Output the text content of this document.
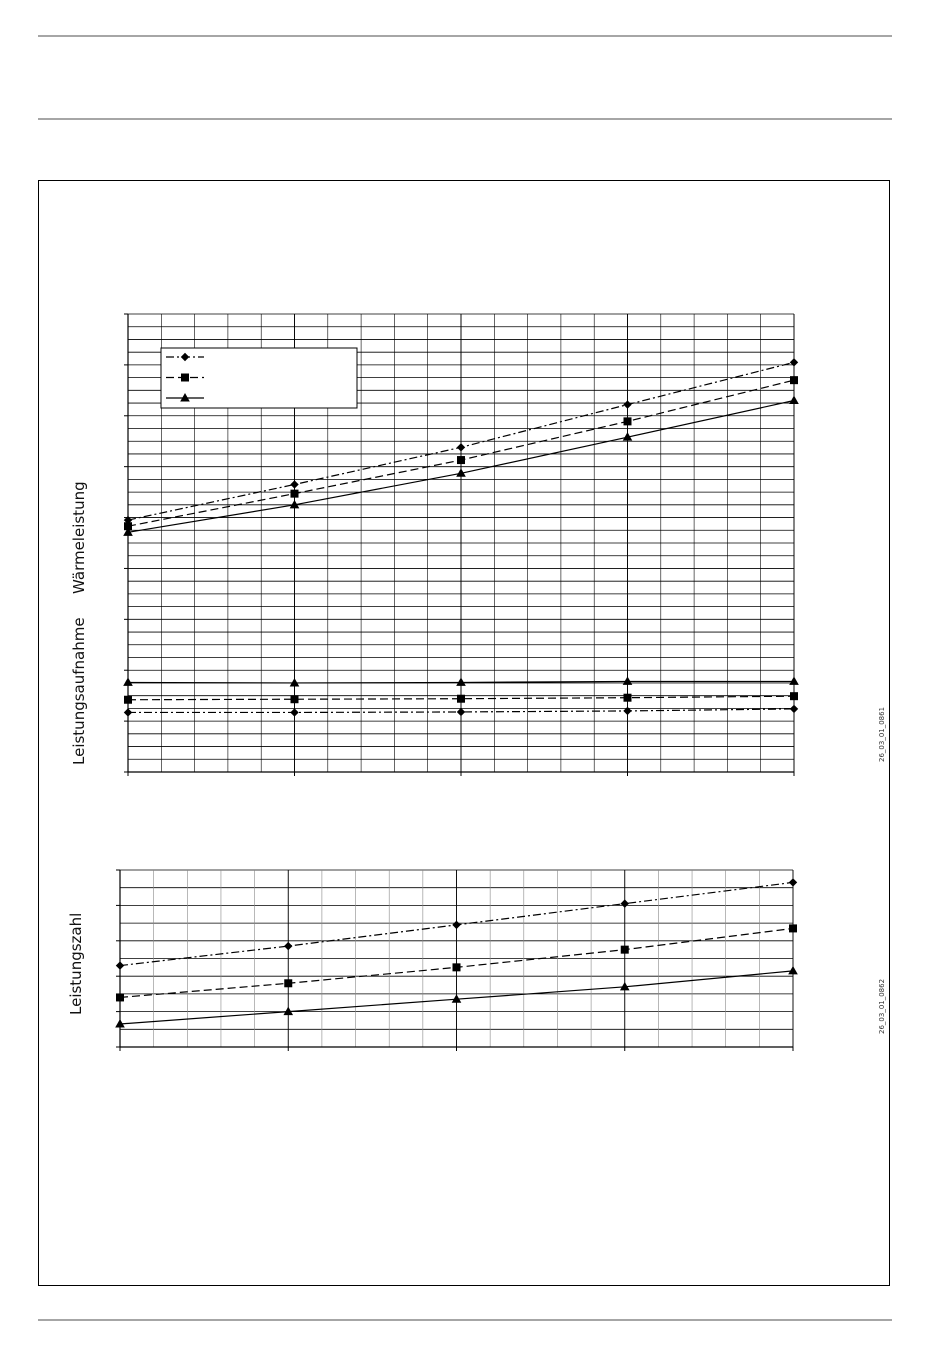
Wärmeleistung
Leistungsaufnahme
Leistungszahl
26_03_01_0861
26_03_01_0862
